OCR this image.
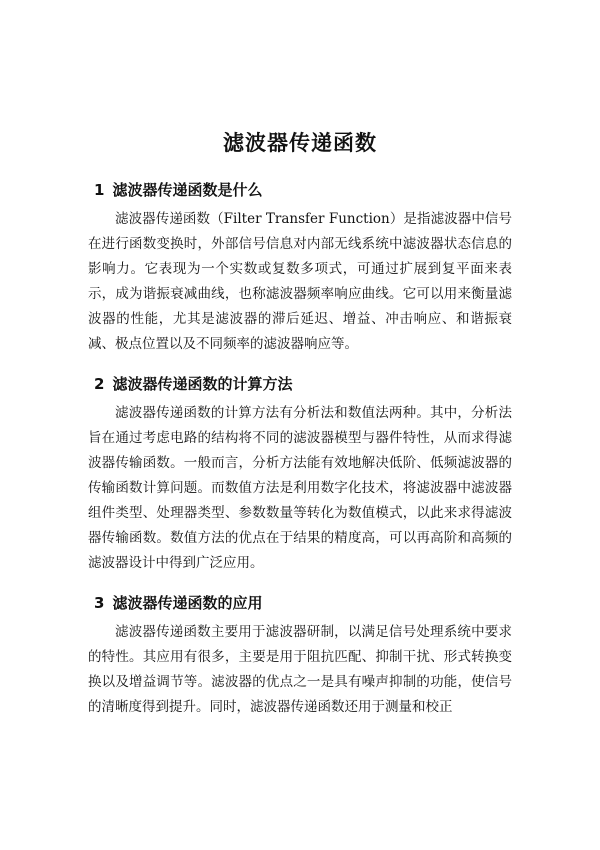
滤波器传递函数
1 滤波器传递函数是什么

滤波器传递函数（Filter Transfer Function）是指滤波器中信号在进行函数变换时，外部信号信息对内部无线系统中滤波器状态信息的影响力。它表现为一个实数或复数多项式，可通过扩展到复平面来表示，成为谐振衰减曲线，也称滤波器频率响应曲线。它可以用来衡量滤波器的性能，尤其是滤波器的滞后延迟、增益、冲击响应、和谐振衰减、极点位置以及不同频率的滤波器响应等。

2 滤波器传递函数的计算方法

滤波器传递函数的计算方法有分析法和数值法两种。其中，分析法旨在通过考虑电路的结构将不同的滤波器模型与器件特性，从而求得滤波器传输函数。一般而言，分析方法能有效地解决低阶、低频滤波器的传输函数计算问题。而数值方法是利用数字化技术，将滤波器中滤波器组件类型、处理器类型、参数数量等转化为数值模式，以此来求得滤波器传输函数。数值方法的优点在于结果的精度高，可以再高阶和高频的滤波器设计中得到广泛应用。

3 滤波器传递函数的应用

滤波器传递函数主要用于滤波器研制，以满足信号处理系统中要求的特性。其应用有很多，主要是用于阻抗匹配、抑制干扰、形式转换变换以及增益调节等。滤波器的优点之一是具有噪声抑制的功能，使信号的清晰度得到提升。同时，滤波器传递函数还用于测量和校正
